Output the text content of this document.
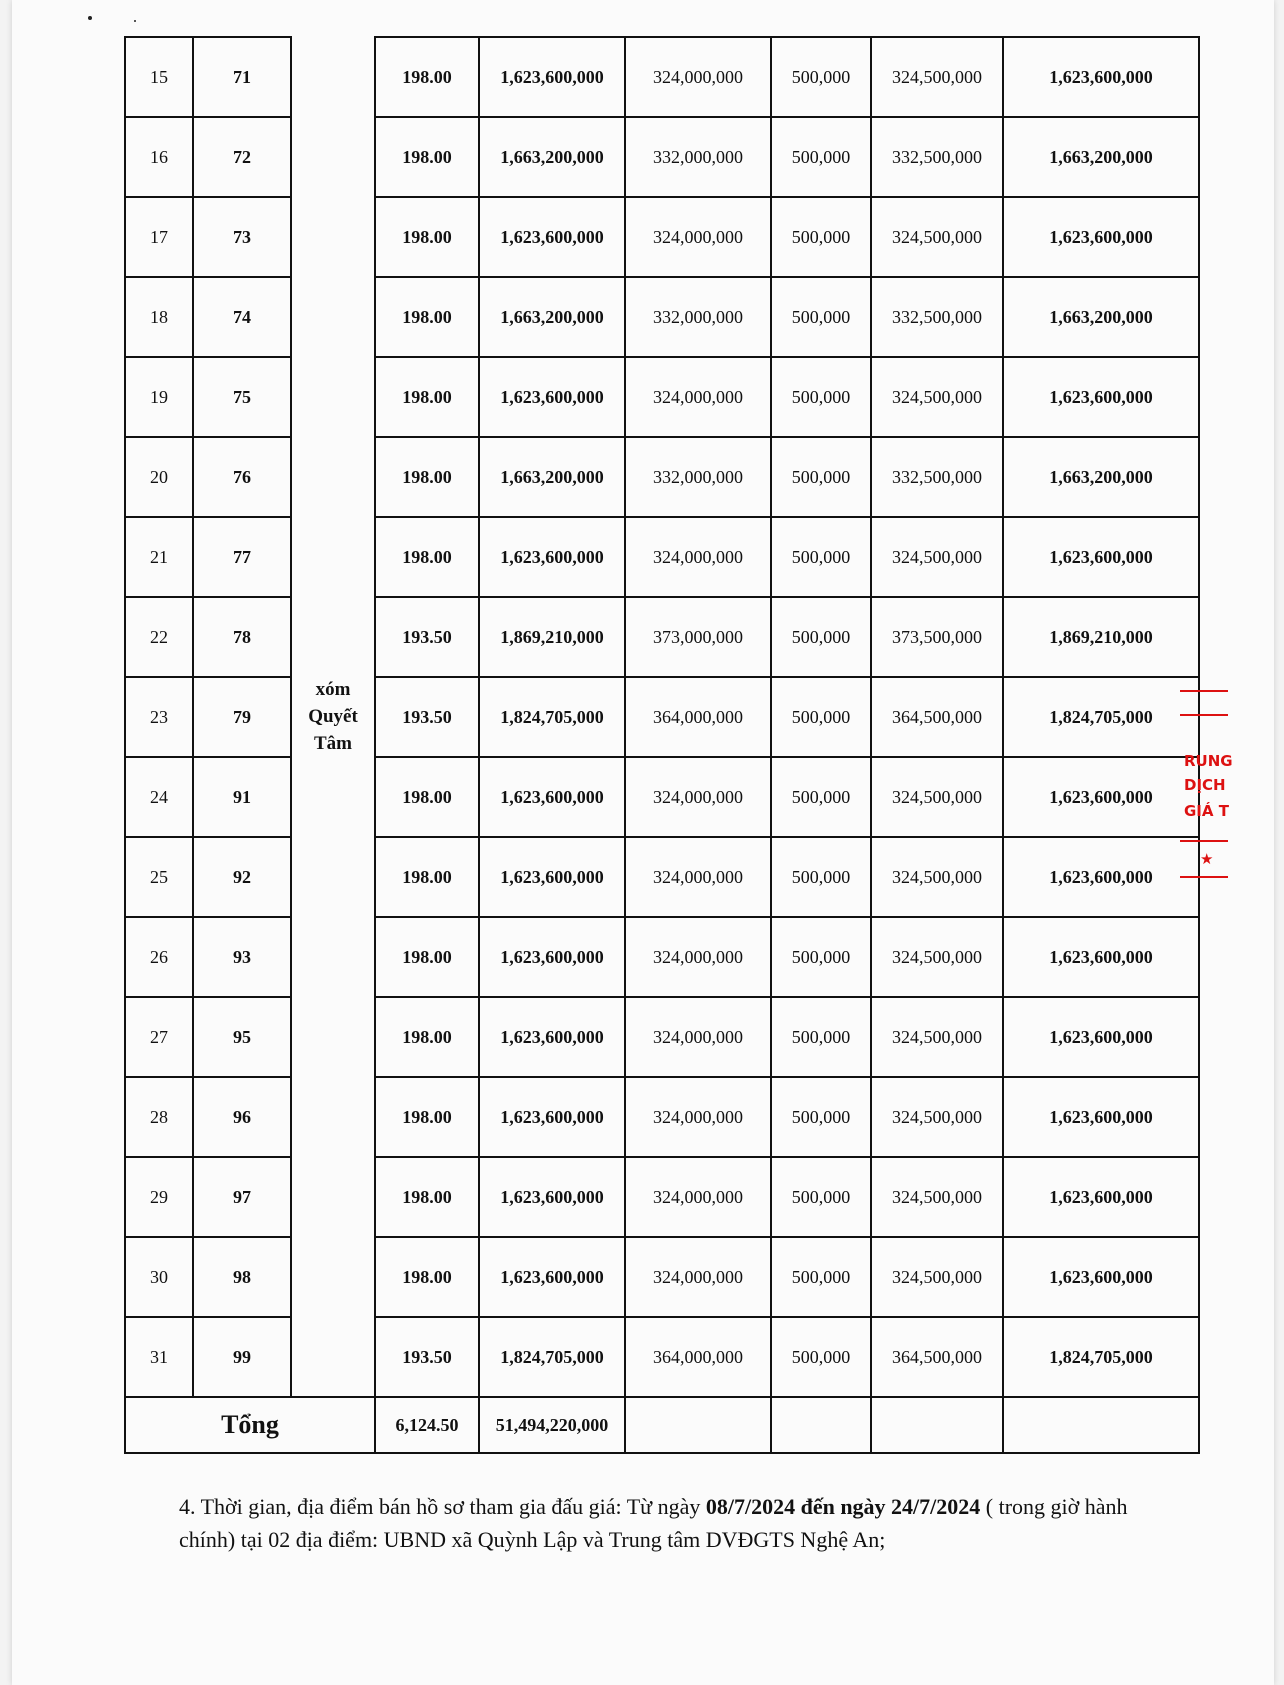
15	71	xóm Quyết Tâm	198.00	1,623,600,000	324,000,000	500,000	324,500,000	1,623,600,000
16	72		198.00	1,663,200,000	332,000,000	500,000	332,500,000	1,663,200,000
17	73		198.00	1,623,600,000	324,000,000	500,000	324,500,000	1,623,600,000
18	74		198.00	1,663,200,000	332,000,000	500,000	332,500,000	1,663,200,000
19	75		198.00	1,623,600,000	324,000,000	500,000	324,500,000	1,623,600,000
20	76		198.00	1,663,200,000	332,000,000	500,000	332,500,000	1,663,200,000
21	77		198.00	1,623,600,000	324,000,000	500,000	324,500,000	1,623,600,000
22	78		193.50	1,869,210,000	373,000,000	500,000	373,500,000	1,869,210,000
23	79		193.50	1,824,705,000	364,000,000	500,000	364,500,000	1,824,705,000
24	91		198.00	1,623,600,000	324,000,000	500,000	324,500,000	1,623,600,000
25	92		198.00	1,623,600,000	324,000,000	500,000	324,500,000	1,623,600,000
26	93		198.00	1,623,600,000	324,000,000	500,000	324,500,000	1,623,600,000
27	95		198.00	1,623,600,000	324,000,000	500,000	324,500,000	1,623,600,000
28	96		198.00	1,623,600,000	324,000,000	500,000	324,500,000	1,623,600,000
29	97		198.00	1,623,600,000	324,000,000	500,000	324,500,000	1,623,600,000
30	98		198.00	1,623,600,000	324,000,000	500,000	324,500,000	1,623,600,000
31	99		193.50	1,824,705,000	364,000,000	500,000	364,500,000	1,824,705,000
Tổng			6,124.50	51,494,220,000				
4. Thời gian, địa điểm bán hồ sơ tham gia đấu giá: Từ ngày 08/7/2024 đến ngày 24/7/2024 ( trong giờ hành chính) tại 02 địa điểm: UBND xã Quỳnh Lập và Trung tâm DVĐGTS Nghệ An;
RUNG
DỊCH
GIÁ T
★
